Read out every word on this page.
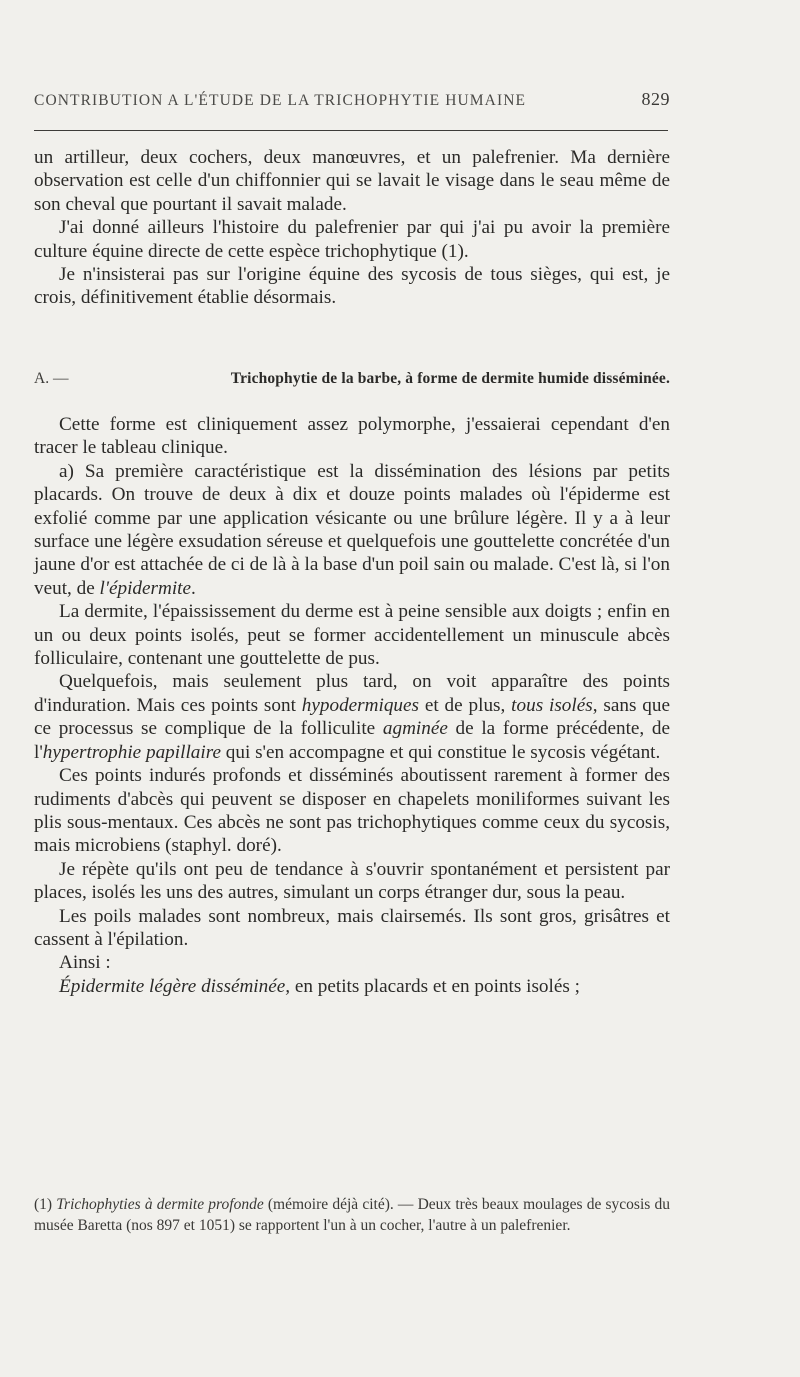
CONTRIBUTION A L'ÉTUDE DE LA TRICHOPHYTIE HUMAINE	829

un artilleur, deux cochers, deux manœuvres, et un palefrenier. Ma dernière observation est celle d'un chiffonnier qui se lavait le visage dans le seau même de son cheval que pourtant il savait malade.

J'ai donné ailleurs l'histoire du palefrenier par qui j'ai pu avoir la première culture équine directe de cette espèce trichophytique (1).

Je n'insisterai pas sur l'origine équine des sycosis de tous sièges, qui est, je crois, définitivement établie désormais.

A. —	Trichophytie de la barbe, à forme de dermite humide disséminée.

Cette forme est cliniquement assez polymorphe, j'essaierai cependant d'en tracer le tableau clinique.

a) Sa première caractéristique est la dissémination des lésions par petits placards. On trouve de deux à dix et douze points malades où l'épiderme est exfolié comme par une application vésicante ou une brûlure légère. Il y a à leur surface une légère exsudation séreuse et quelquefois une gouttelette concrétée d'un jaune d'or est attachée de ci de là à la base d'un poil sain ou malade. C'est là, si l'on veut, de l'épidermite.

La dermite, l'épaississement du derme est à peine sensible aux doigts ; enfin en un ou deux points isolés, peut se former accidentellement un minuscule abcès folliculaire, contenant une gouttelette de pus.

Quelquefois, mais seulement plus tard, on voit apparaître des points d'induration. Mais ces points sont hypodermiques et de plus, tous isolés, sans que ce processus se complique de la folliculite agminée de la forme précédente, de l'hypertrophie papillaire qui s'en accompagne et qui constitue le sycosis végétant.

Ces points indurés profonds et disséminés aboutissent rarement à former des rudiments d'abcès qui peuvent se disposer en chapelets moniliformes suivant les plis sous-mentaux. Ces abcès ne sont pas trichophytiques comme ceux du sycosis, mais microbiens (staphyl. doré).

Je répète qu'ils ont peu de tendance à s'ouvrir spontanément et persistent par places, isolés les uns des autres, simulant un corps étranger dur, sous la peau.

Les poils malades sont nombreux, mais clairsemés. Ils sont gros, grisâtres et cassent à l'épilation.

Ainsi :

Épidermite légère disséminée, en petits placards et en points isolés ;

(1) Trichophyties à dermite profonde (mémoire déjà cité). — Deux très beaux moulages de sycosis du musée Baretta (nos 897 et 1051) se rapportent l'un à un cocher, l'autre à un palefrenier.
